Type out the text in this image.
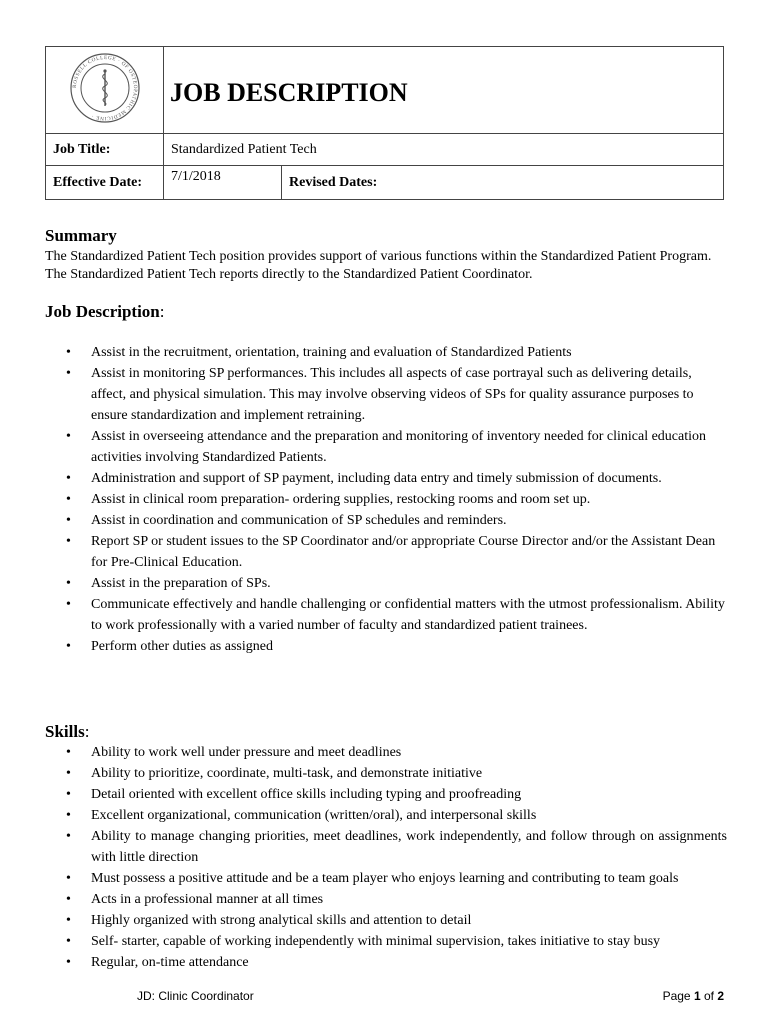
ROSSELL COLLEGE · OF OSTEOPATHIC MEDICINE ·	JOB DESCRIPTION	
Job Title:	Standardized Patient Tech	
Effective Date:	7/1/2018	Revised Dates:
Summary

The Standardized Patient Tech position provides support of various functions within the Standardized Patient Program. The Standardized Patient Tech reports directly to the Standardized Patient Coordinator.

Job Description:
• Assist in the recruitment, orientation, training and evaluation of Standardized Patients
• Assist in monitoring SP performances. This includes all aspects of case portrayal such as delivering details, affect, and physical simulation. This may involve observing videos of SPs for quality assurance purposes to ensure standardization and implement retraining.
• Assist in overseeing attendance and the preparation and monitoring of inventory needed for clinical education activities involving Standardized Patients.
• Administration and support of SP payment, including data entry and timely submission of documents.
• Assist in clinical room preparation- ordering supplies, restocking rooms and room set up.
• Assist in coordination and communication of SP schedules and reminders.
• Report SP or student issues to the SP Coordinator and/or appropriate Course Director and/or the Assistant Dean for Pre-Clinical Education.
• Assist in the preparation of SPs.
• Communicate effectively and handle challenging or confidential matters with the utmost professionalism. Ability to work professionally with a varied number of faculty and standardized patient trainees.
• Perform other duties as assigned
Skills:
• Ability to work well under pressure and meet deadlines
• Ability to prioritize, coordinate, multi-task, and demonstrate initiative
• Detail oriented with excellent office skills including typing and proofreading
• Excellent organizational, communication (written/oral), and interpersonal skills
• Ability to manage changing priorities, meet deadlines, work independently, and follow through on assignments with little direction
• Must possess a positive attitude and be a team player who enjoys learning and contributing to team goals
• Acts in a professional manner at all times
• Highly organized with strong analytical skills and attention to detail
• Self- starter, capable of working independently with minimal supervision, takes initiative to stay busy
• Regular, on-time attendance
JD: Clinic Coordinator	Page 1 of 2
